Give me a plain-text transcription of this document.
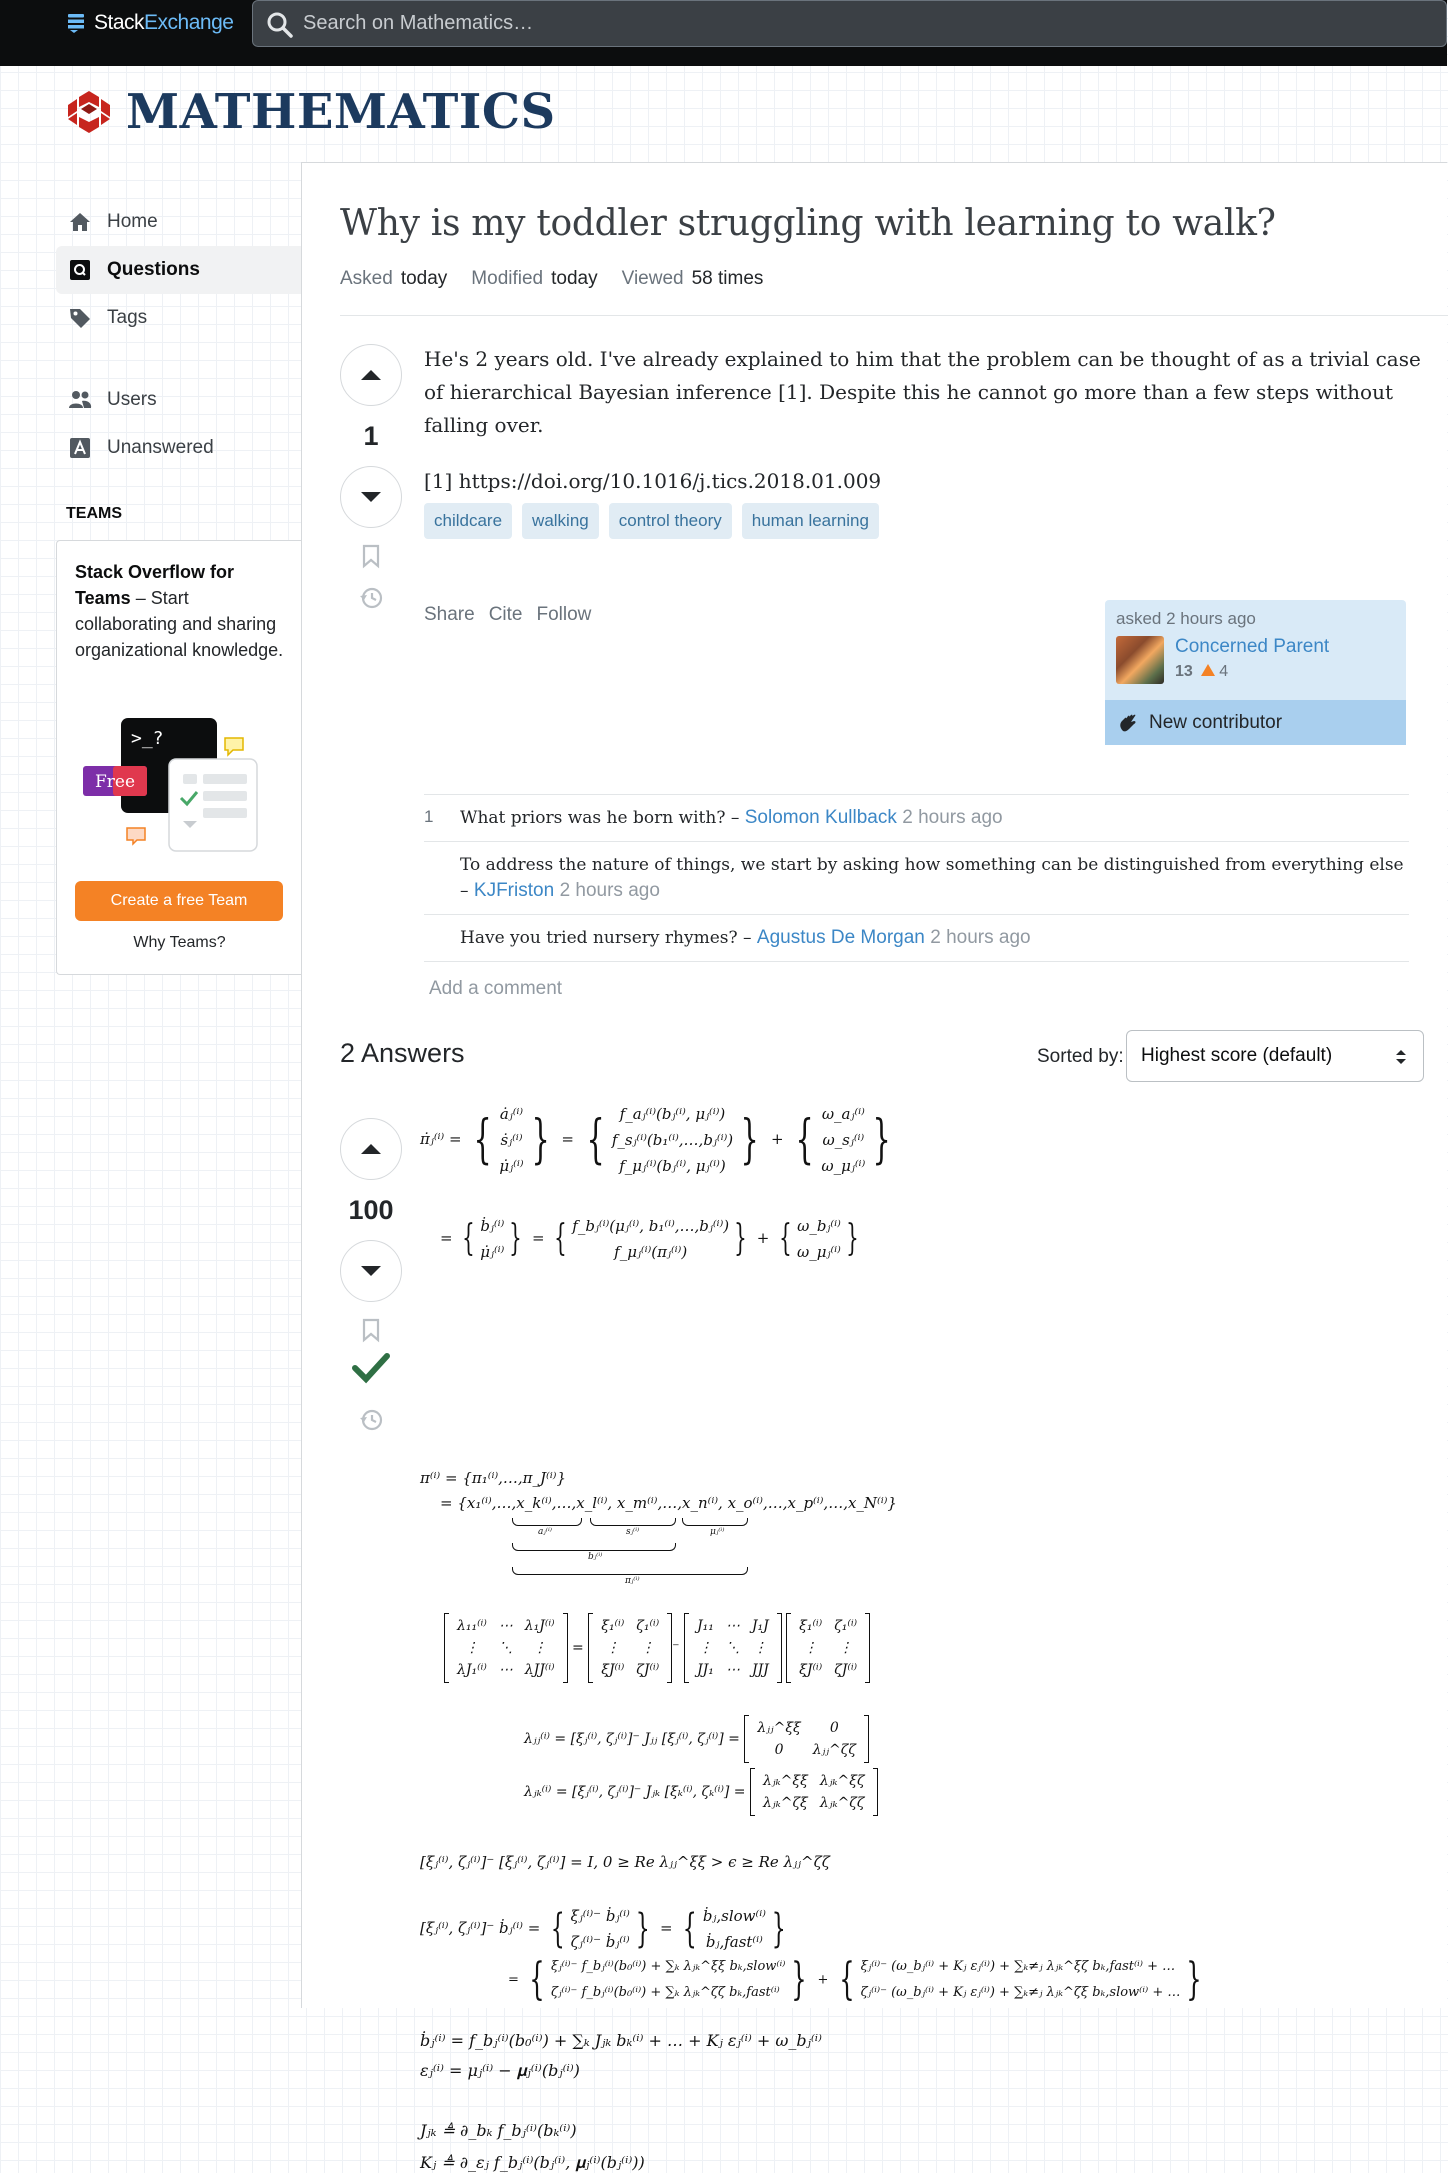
StackExchange
Search on Mathematics…
MATHEMATICS
Home
Questions
Tags
Users
Unanswered
TEAMS
Stack Overflow for Teams – Start collaborating and sharing organizational knowledge.
>_?
Free
Create a free Team
Why Teams?
Why is my toddler struggling with learning to walk?
Asked today Modified today Viewed 58 times
1

He's 2 years old. I've already explained to him that the problem can be thought of as a trivial case of hierarchical Bayesian inference [1]. Despite this he cannot go more than a few steps without falling over.

[1] https://doi.org/10.1016/j.tics.2018.01.009

childcare	walking	control theory	human learning
Share Cite Follow	asked 2 hours ago
Concerned Parent
13	4
New contributor
1	What priors was he born with? – Solomon Kullback 2 hours ago
To address the nature of things, we start by asking how something can be distinguished from everything else
– KJFriston 2 hours ago
Have you tried nursery rhymes? – Agustus De Morgan 2 hours ago
Add a comment
2 Answers	Sorted by: Highest score (default)
100
π̇ⱼ⁽ⁱ⁾ = { ȧⱼ⁽ⁱ⁾
ṡⱼ⁽ⁱ⁾
μ̇ⱼ⁽ⁱ⁾ } = {	f_aⱼ⁽ⁱ⁾(bⱼ⁽ⁱ⁾, μⱼ⁽ⁱ⁾)
f_sⱼ⁽ⁱ⁾(b₁⁽ⁱ⁾,…,bⱼ⁽ⁱ⁾)
f_μⱼ⁽ⁱ⁾(bⱼ⁽ⁱ⁾, μⱼ⁽ⁱ⁾) } + { ω_aⱼ⁽ⁱ⁾
ω_sⱼ⁽ⁱ⁾
ω_μⱼ⁽ⁱ⁾ }
= { ḃⱼ⁽ⁱ⁾
μ̇ⱼ⁽ⁱ⁾ } = { f_bⱼ⁽ⁱ⁾(μⱼ⁽ⁱ⁾, b₁⁽ⁱ⁾,…,bⱼ⁽ⁱ⁾)
f_μⱼ⁽ⁱ⁾(πⱼ⁽ⁱ⁾)	} + { ω_bⱼ⁽ⁱ⁾
ω_μⱼ⁽ⁱ⁾ }
π⁽ⁱ⁾ = {π₁⁽ⁱ⁾,…,π_J⁽ⁱ⁾}
= {x₁⁽ⁱ⁾,…,x_k⁽ⁱ⁾,…,x_l⁽ⁱ⁾, x_m⁽ⁱ⁾,…,x_n⁽ⁱ⁾, x_o⁽ⁱ⁾,…,x_p⁽ⁱ⁾,…,x_N⁽ⁱ⁾}
aⱼ⁽ⁱ⁾	sⱼ⁽ⁱ⁾	μⱼ⁽ⁱ⁾
bⱼ⁽ⁱ⁾
πⱼ⁽ⁱ⁾
λ₁₁⁽ⁱ⁾
⋮
λJ₁⁽ⁱ⁾
⋯
⋱
⋯
λ₁J⁽ⁱ⁾
⋮
λJJ⁽ⁱ⁾
=
ξ₁⁽ⁱ⁾
⋮
ξJ⁽ⁱ⁾
ζ₁⁽ⁱ⁾
⋮
ζJ⁽ⁱ⁾
⁻
J₁₁
⋮
JJ₁
⋯
⋱
⋯
J₁J
⋮
JJJ

ξ₁⁽ⁱ⁾
⋮
ξJ⁽ⁱ⁾
ζ₁⁽ⁱ⁾
⋮
ζJ⁽ⁱ⁾
λⱼⱼ⁽ⁱ⁾ = [ξⱼ⁽ⁱ⁾, ζⱼ⁽ⁱ⁾]⁻ Jⱼⱼ [ξⱼ⁽ⁱ⁾, ζⱼ⁽ⁱ⁾] =
λⱼⱼ^ξξ
0
0
λⱼⱼ^ζζ
λⱼₖ⁽ⁱ⁾ = [ξⱼ⁽ⁱ⁾, ζⱼ⁽ⁱ⁾]⁻ Jⱼₖ [ξₖ⁽ⁱ⁾, ζₖ⁽ⁱ⁾] =
λⱼₖ^ξξ
λⱼₖ^ζξ
λⱼₖ^ξζ
λⱼₖ^ζζ
[ξⱼ⁽ⁱ⁾, ζⱼ⁽ⁱ⁾]⁻ [ξⱼ⁽ⁱ⁾, ζⱼ⁽ⁱ⁾] = I, 0 ≥ Re λⱼⱼ^ξξ > ϵ ≥ Re λⱼⱼ^ζζ
[ξⱼ⁽ⁱ⁾, ζⱼ⁽ⁱ⁾]⁻ ḃⱼ⁽ⁱ⁾ = { ξⱼ⁽ⁱ⁾⁻ ḃⱼ⁽ⁱ⁾
ζⱼ⁽ⁱ⁾⁻ ḃⱼ⁽ⁱ⁾ } = { ḃⱼ,slow⁽ⁱ⁾
ḃⱼ,fast⁽ⁱ⁾ }
= { ξⱼ⁽ⁱ⁾⁻ f_bⱼ⁽ⁱ⁾(b₀⁽ⁱ⁾) + ∑ₖ λⱼₖ^ξξ bₖ,slow⁽ⁱ⁾
ζⱼ⁽ⁱ⁾⁻ f_bⱼ⁽ⁱ⁾(b₀⁽ⁱ⁾) + ∑ₖ λⱼₖ^ζζ bₖ,fast⁽ⁱ⁾ } + { ξⱼ⁽ⁱ⁾⁻ (ω_bⱼ⁽ⁱ⁾ + Kⱼ εⱼ⁽ⁱ⁾) + ∑ₖ≠ⱼ λⱼₖ^ξζ bₖ,fast⁽ⁱ⁾ + …
ζⱼ⁽ⁱ⁾⁻ (ω_bⱼ⁽ⁱ⁾ + Kⱼ εⱼ⁽ⁱ⁾) + ∑ₖ≠ⱼ λⱼₖ^ζξ bₖ,slow⁽ⁱ⁾ + … }
ḃⱼ⁽ⁱ⁾ = f_bⱼ⁽ⁱ⁾(b₀⁽ⁱ⁾) + ∑ₖ Jⱼₖ bₖ⁽ⁱ⁾ + … + Kⱼ εⱼ⁽ⁱ⁾ + ω_bⱼ⁽ⁱ⁾
εⱼ⁽ⁱ⁾ = μⱼ⁽ⁱ⁾ − 𝛍ⱼ⁽ⁱ⁾(bⱼ⁽ⁱ⁾)
Jⱼₖ ≜ ∂_bₖ f_bⱼ⁽ⁱ⁾(bₖ⁽ⁱ⁾)
Kⱼ ≜ ∂_εⱼ f_bⱼ⁽ⁱ⁾(bⱼ⁽ⁱ⁾, 𝛍ⱼ⁽ⁱ⁾(bⱼ⁽ⁱ⁾))
